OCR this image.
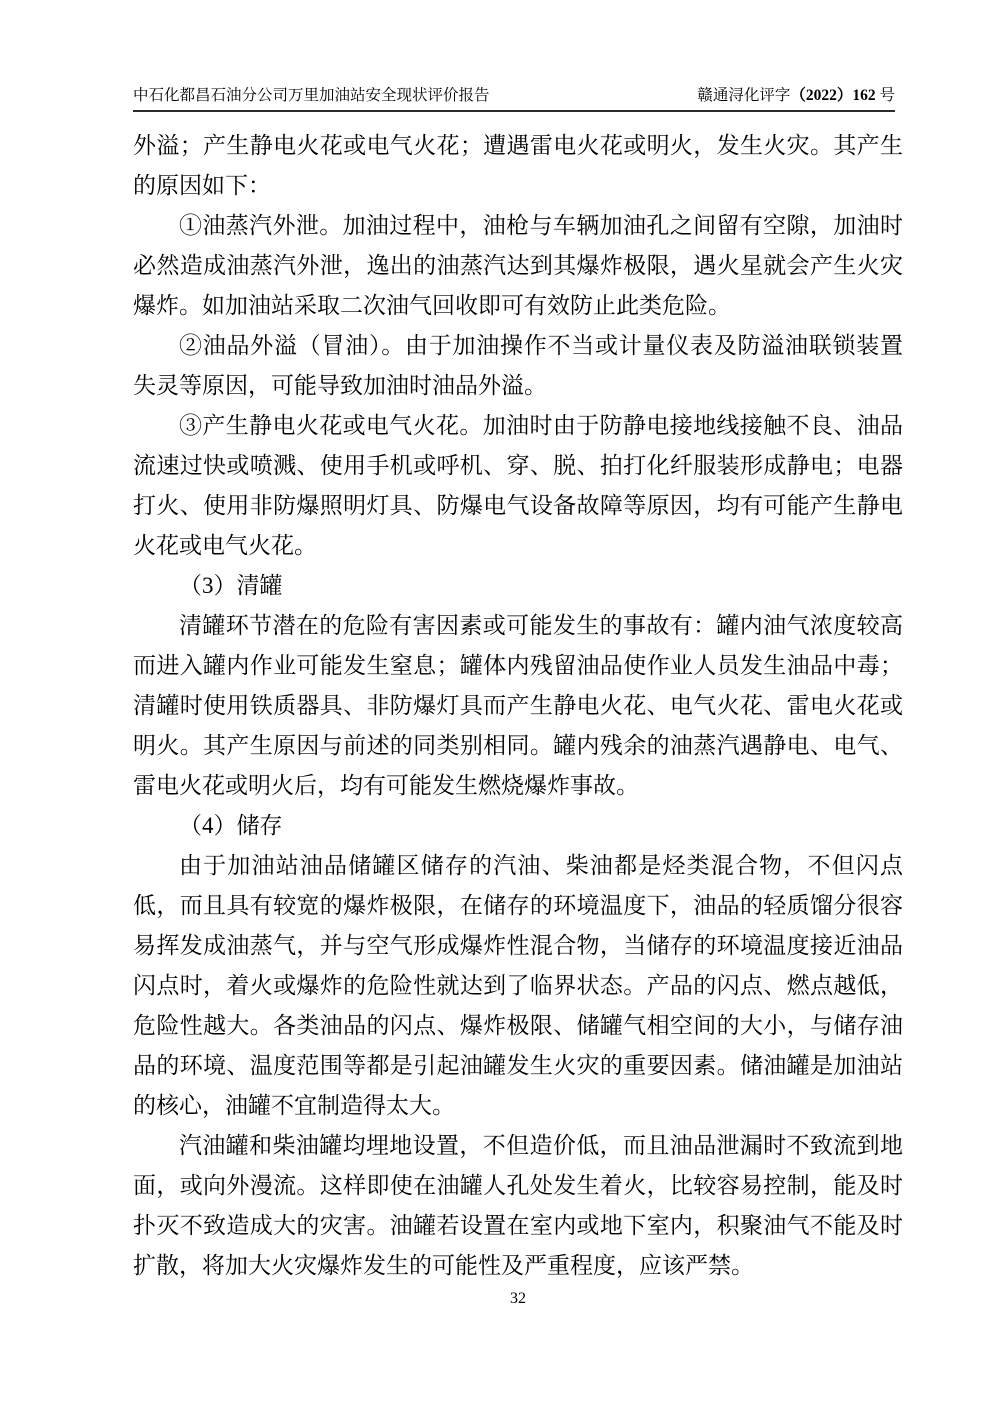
中石化都昌石油分公司万里加油站安全现状评价报告	赣通浔化评字（2022）162 号

外溢；产生静电火花或电气火花；遭遇雷电火花或明火，发生火灾。其产生的原因如下：

①油蒸汽外泄。加油过程中，油枪与车辆加油孔之间留有空隙，加油时必然造成油蒸汽外泄，逸出的油蒸汽达到其爆炸极限，遇火星就会产生火灾爆炸。如加油站采取二次油气回收即可有效防止此类危险。

②油品外溢（冒油）。由于加油操作不当或计量仪表及防溢油联锁装置失灵等原因，可能导致加油时油品外溢。

③产生静电火花或电气火花。加油时由于防静电接地线接触不良、油品流速过快或喷溅、使用手机或呼机、穿、脱、拍打化纤服装形成静电；电器打火、使用非防爆照明灯具、防爆电气设备故障等原因，均有可能产生静电火花或电气火花。

（3）清罐

清罐环节潜在的危险有害因素或可能发生的事故有：罐内油气浓度较高而进入罐内作业可能发生窒息；罐体内残留油品使作业人员发生油品中毒；清罐时使用铁质器具、非防爆灯具而产生静电火花、电气火花、雷电火花或明火。其产生原因与前述的同类别相同。罐内残余的油蒸汽遇静电、电气、雷电火花或明火后，均有可能发生燃烧爆炸事故。

（4）储存

由于加油站油品储罐区储存的汽油、柴油都是烃类混合物，不但闪点低，而且具有较宽的爆炸极限，在储存的环境温度下，油品的轻质馏分很容易挥发成油蒸气，并与空气形成爆炸性混合物，当储存的环境温度接近油品闪点时，着火或爆炸的危险性就达到了临界状态。产品的闪点、燃点越低，危险性越大。各类油品的闪点、爆炸极限、储罐气相空间的大小，与储存油品的环境、温度范围等都是引起油罐发生火灾的重要因素。储油罐是加油站的核心，油罐不宜制造得太大。

汽油罐和柴油罐均埋地设置，不但造价低，而且油品泄漏时不致流到地面，或向外漫流。这样即使在油罐人孔处发生着火，比较容易控制，能及时扑灭不致造成大的灾害。油罐若设置在室内或地下室内，积聚油气不能及时扩散，将加大火灾爆炸发生的可能性及严重程度，应该严禁。

32
